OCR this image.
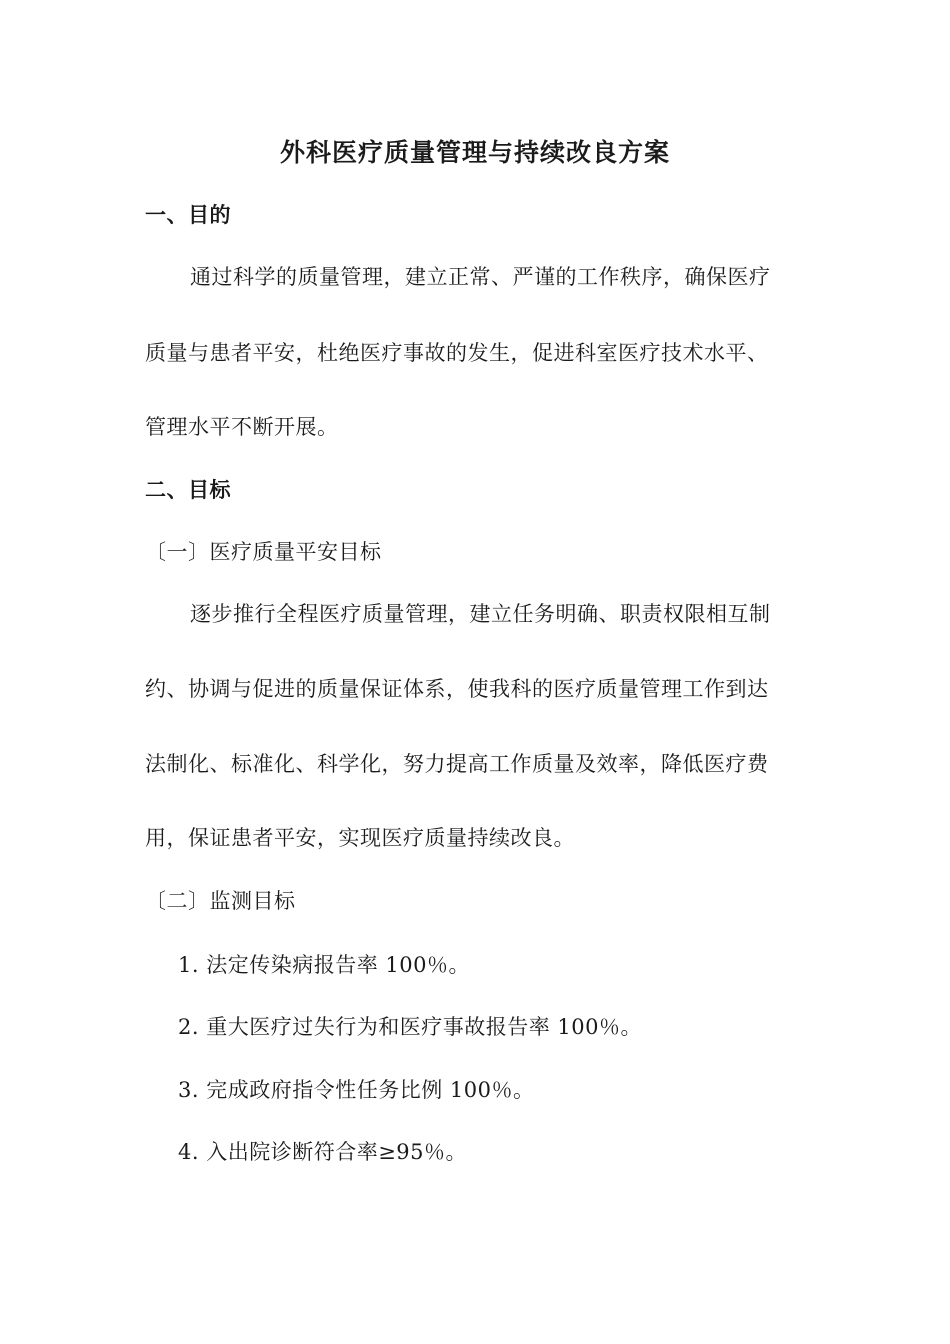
外科医疗质量管理与持续改良方案
一、目的
通过科学的质量管理，建立正常、严谨的工作秩序，确保医疗
质量与患者平安，杜绝医疗事故的发生，促进科室医疗技术水平、
管理水平不断开展。
二、目标
〔一〕医疗质量平安目标
逐步推行全程医疗质量管理，建立任务明确、职责权限相互制
约、协调与促进的质量保证体系，使我科的医疗质量管理工作到达
法制化、标准化、科学化，努力提高工作质量及效率，降低医疗费
用，保证患者平安，实现医疗质量持续改良。
〔二〕监测目标
1. 法定传染病报告率 100％。
2. 重大医疗过失行为和医疗事故报告率 100％。
3. 完成政府指令性任务比例 100％。
4. 入出院诊断符合率≥95％。
